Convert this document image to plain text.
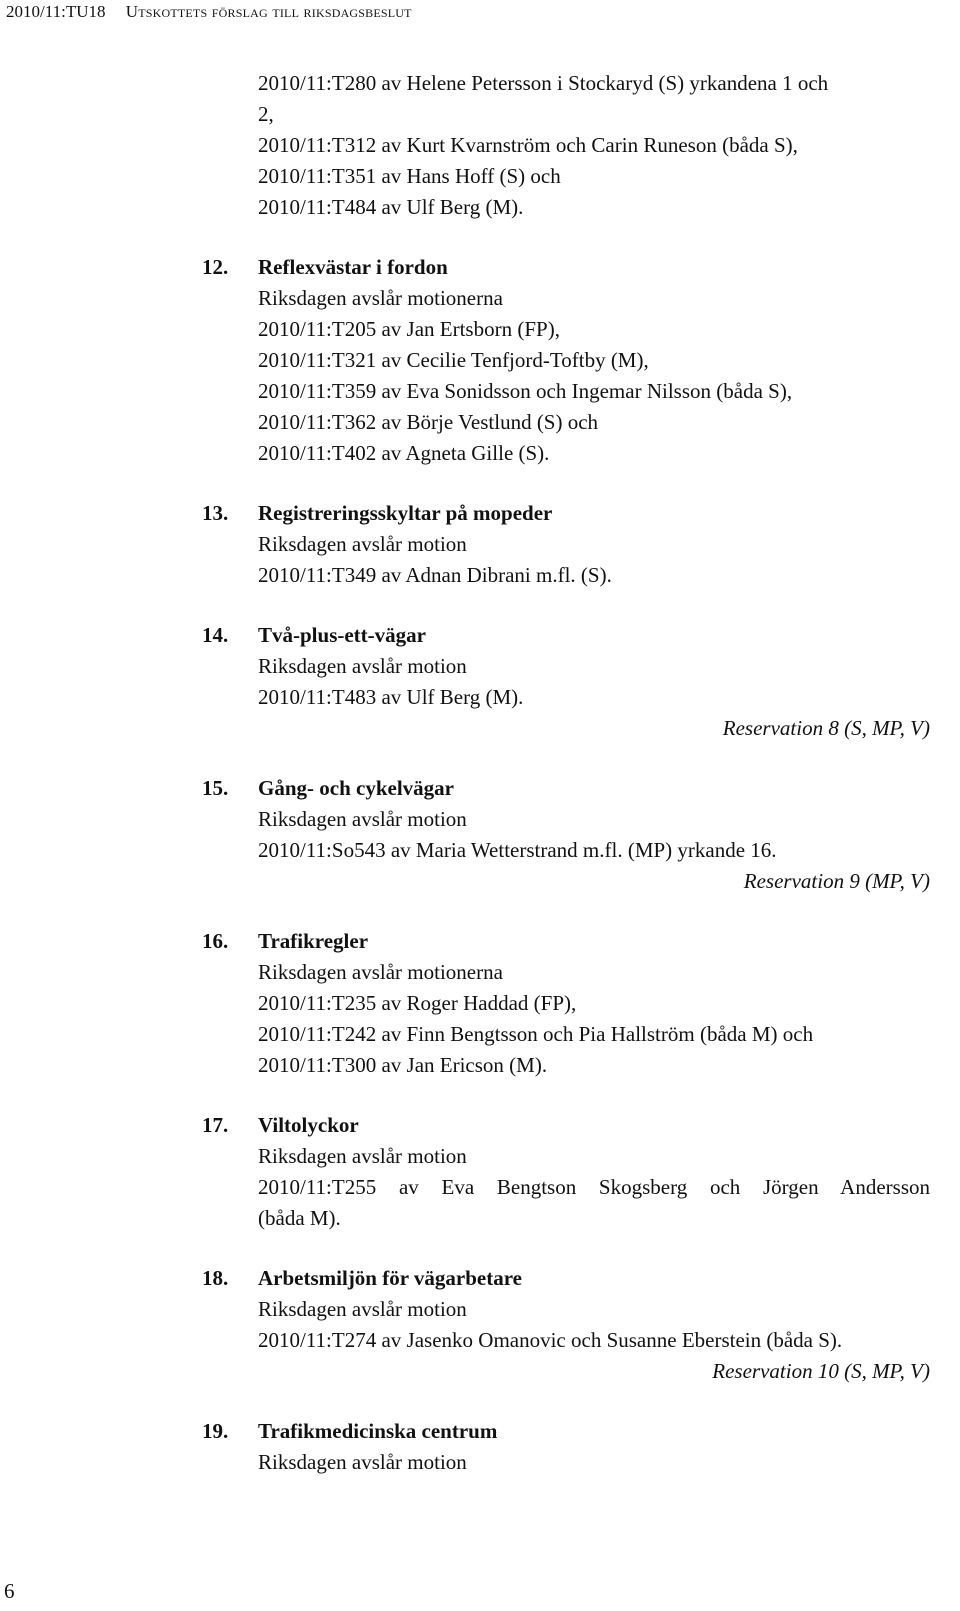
2010/11:TU18 Utskottets förslag till riksdagsbeslut
2010/11:T280 av Helene Petersson i Stockaryd (S) yrkandena 1 och
2,
2010/11:T312 av Kurt Kvarnström och Carin Runeson (båda S),
2010/11:T351 av Hans Hoff (S) och
2010/11:T484 av Ulf Berg (M).
12. Reflexvästar i fordon
Riksdagen avslår motionerna
2010/11:T205 av Jan Ertsborn (FP),
2010/11:T321 av Cecilie Tenfjord-Toftby (M),
2010/11:T359 av Eva Sonidsson och Ingemar Nilsson (båda S),
2010/11:T362 av Börje Vestlund (S) och
2010/11:T402 av Agneta Gille (S).
13. Registreringsskyltar på mopeder
Riksdagen avslår motion
2010/11:T349 av Adnan Dibrani m.fl. (S).
14. Två-plus-ett-vägar
Riksdagen avslår motion
2010/11:T483 av Ulf Berg (M).
Reservation 8 (S, MP, V)
15. Gång- och cykelvägar
Riksdagen avslår motion
2010/11:So543 av Maria Wetterstrand m.fl. (MP) yrkande 16.
Reservation 9 (MP, V)
16. Trafikregler
Riksdagen avslår motionerna
2010/11:T235 av Roger Haddad (FP),
2010/11:T242 av Finn Bengtsson och Pia Hallström (båda M) och
2010/11:T300 av Jan Ericson (M).
17. Viltolyckor
Riksdagen avslår motion
2010/11:T255 av Eva Bengtson Skogsberg och Jörgen Andersson
(båda M).
18. Arbetsmiljön för vägarbetare
Riksdagen avslår motion
2010/11:T274 av Jasenko Omanovic och Susanne Eberstein (båda S).
Reservation 10 (S, MP, V)
19. Trafikmedicinska centrum
Riksdagen avslår motion
6
